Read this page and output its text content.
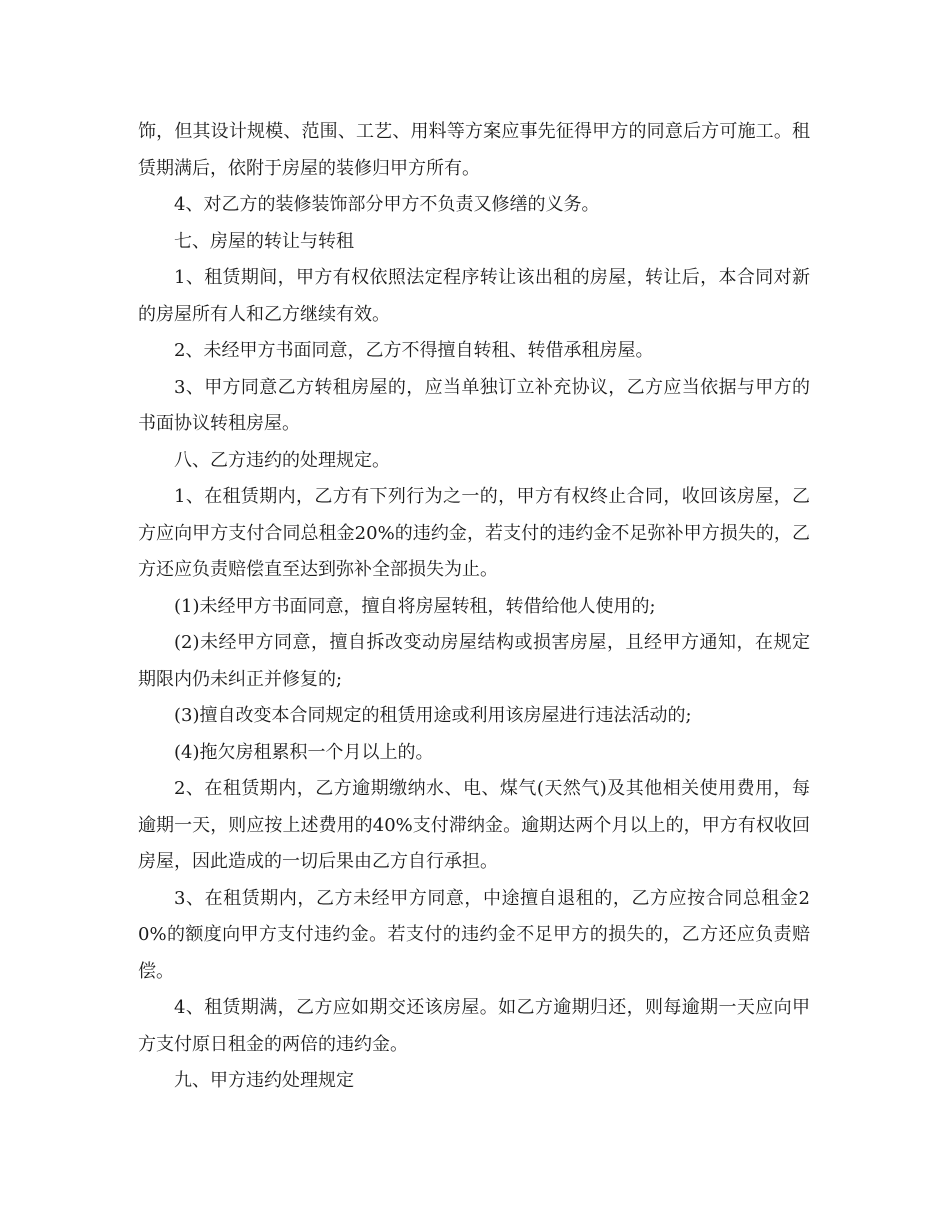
饰，但其设计规模、范围、工艺、用料等方案应事先征得甲方的同意后方可施工。租赁期满后，依附于房屋的装修归甲方所有。

4、对乙方的装修装饰部分甲方不负责又修缮的义务。

七、房屋的转让与转租

1、租赁期间，甲方有权依照法定程序转让该出租的房屋，转让后，本合同对新的房屋所有人和乙方继续有效。

2、未经甲方书面同意，乙方不得擅自转租、转借承租房屋。

3、甲方同意乙方转租房屋的，应当单独订立补充协议，乙方应当依据与甲方的书面协议转租房屋。

八、乙方违约的处理规定。

1、在租赁期内，乙方有下列行为之一的，甲方有权终止合同，收回该房屋，乙方应向甲方支付合同总租金20%的违约金，若支付的违约金不足弥补甲方损失的，乙方还应负责赔偿直至达到弥补全部损失为止。

(1)未经甲方书面同意，擅自将房屋转租，转借给他人使用的;

(2)未经甲方同意，擅自拆改变动房屋结构或损害房屋，且经甲方通知，在规定期限内仍未纠正并修复的;

(3)擅自改变本合同规定的租赁用途或利用该房屋进行违法活动的;

(4)拖欠房租累积一个月以上的。

2、在租赁期内，乙方逾期缴纳水、电、煤气(天然气)及其他相关使用费用，每逾期一天，则应按上述费用的40%支付滞纳金。逾期达两个月以上的，甲方有权收回房屋，因此造成的一切后果由乙方自行承担。

3、在租赁期内，乙方未经甲方同意，中途擅自退租的，乙方应按合同总租金20%的额度向甲方支付违约金。若支付的违约金不足甲方的损失的，乙方还应负责赔偿。

4、租赁期满，乙方应如期交还该房屋。如乙方逾期归还，则每逾期一天应向甲方支付原日租金的两倍的违约金。

九、甲方违约处理规定
